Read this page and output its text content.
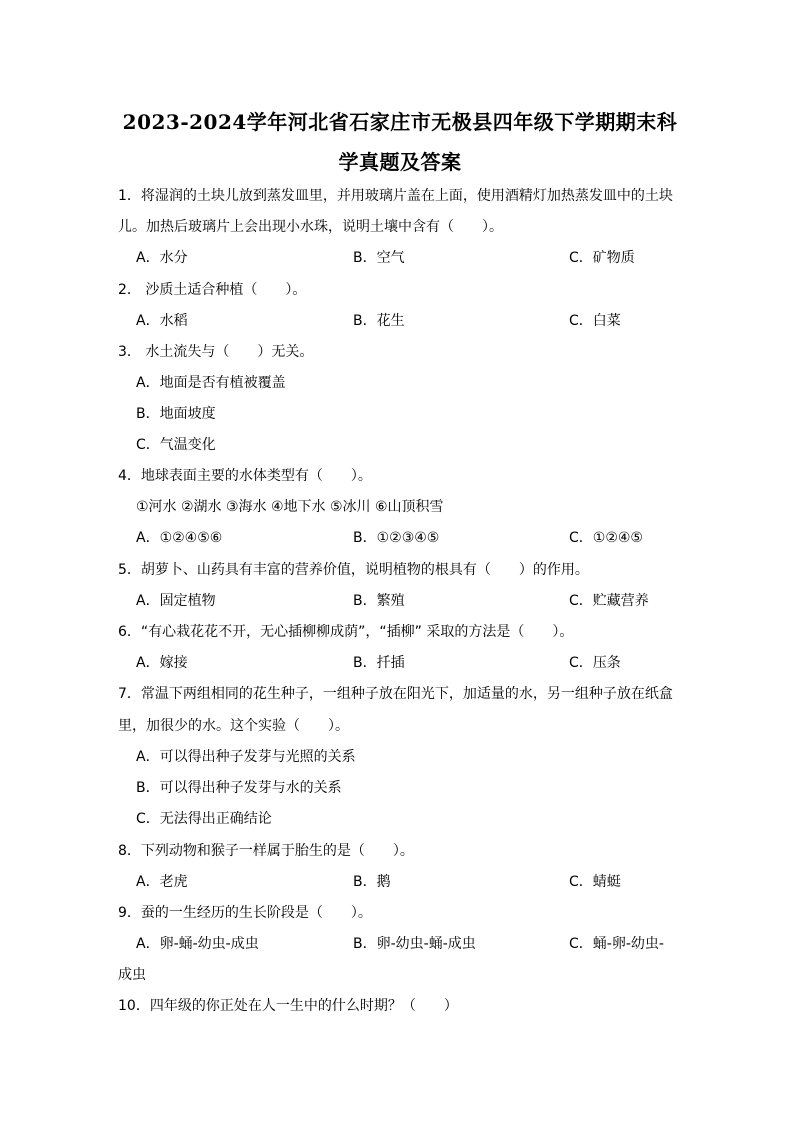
2023-2024学年河北省石家庄市无极县四年级下学期期末科
学真题及答案
1．将湿润的土块儿放到蒸发皿里，并用玻璃片盖在上面，使用酒精灯加热蒸发皿中的土块
儿。加热后玻璃片上会出现小水珠，说明土壤中含有（　　）。
A．水分	B．空气	C．矿物质
2． 沙质土适合种植（　　）。
A．水稻	B．花生	C．白菜
3． 水土流失与（　　）无关。
A．地面是否有植被覆盖
B．地面坡度
C．气温变化
4．地球表面主要的水体类型有（　　）。
①河水 ②湖水 ③海水 ④地下水 ⑤冰川 ⑥山顶积雪
A．①②④⑤⑥	B．①②③④⑤	C．①②④⑤
5．胡萝卜、山药具有丰富的营养价值，说明植物的根具有（　　）的作用。
A．固定植物	B．繁殖	C．贮藏营养
6．“有心栽花花不开，无心插柳柳成荫”，“插柳” 采取的方法是（　　）。
A．嫁接	B．扦插	C．压条
7．常温下两组相同的花生种子，一组种子放在阳光下，加适量的水，另一组种子放在纸盒
里，加很少的水。这个实验（　　）。
A．可以得出种子发芽与光照的关系
B．可以得出种子发芽与水的关系
C．无法得出正确结论
8．下列动物和猴子一样属于胎生的是（　　）。
A．老虎	B．鹅	C．蜻蜓
9．蚕的一生经历的生长阶段是（　　）。
A．卵-蛹-幼虫-成虫	B．卵-幼虫-蛹-成虫	C．蛹-卵-幼虫-
成虫
10．四年级的你正处在人一生中的什么时期？（　　）
